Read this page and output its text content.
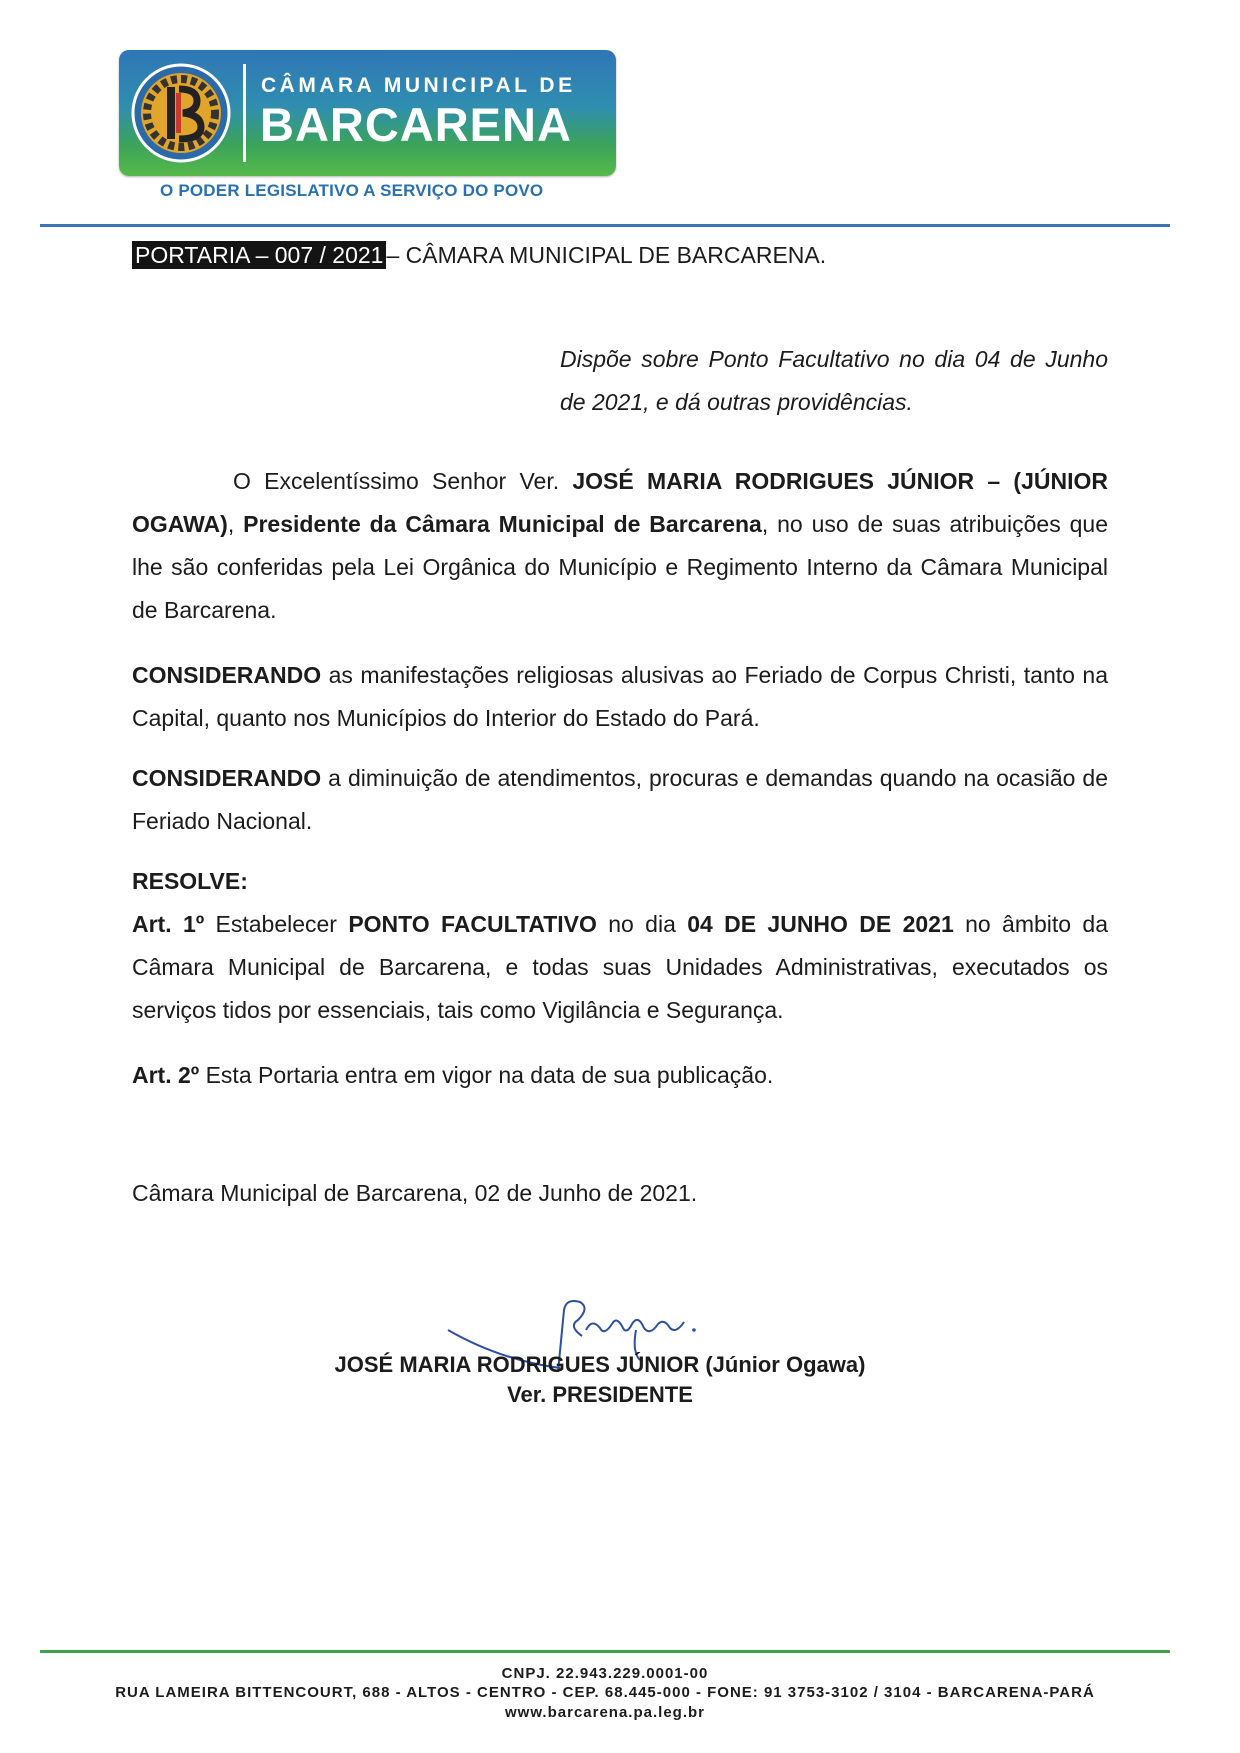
CÂMARA MUNICIPAL DE
BARCARENA
O PODER LEGISLATIVO A SERVIÇO DO POVO
PORTARIA – 007 / 2021 – CÂMARA MUNICIPAL DE BARCARENA.
Dispõe sobre Ponto Facultativo no dia 04 de Junho de 2021, e dá outras providências.

O Excelentíssimo Senhor Ver. JOSÉ MARIA RODRIGUES JÚNIOR – (JÚNIOR OGAWA), Presidente da Câmara Municipal de Barcarena, no uso de suas atribuições que lhe são conferidas pela Lei Orgânica do Município e Regimento Interno da Câmara Municipal de Barcarena.

CONSIDERANDO as manifestações religiosas alusivas ao Feriado de Corpus Christi, tanto na Capital, quanto nos Municípios do Interior do Estado do Pará.

CONSIDERANDO a diminuição de atendimentos, procuras e demandas quando na ocasião de Feriado Nacional.

RESOLVE:

Art. 1º Estabelecer PONTO FACULTATIVO no dia 04 DE JUNHO DE 2021 no âmbito da Câmara Municipal de Barcarena, e todas suas Unidades Administrativas, executados os serviços tidos por essenciais, tais como Vigilância e Segurança.

Art. 2º Esta Portaria entra em vigor na data de sua publicação.

Câmara Municipal de Barcarena, 02 de Junho de 2021.

JOSÉ MARIA RODRIGUES JÚNIOR (Júnior Ogawa)
Ver. PRESIDENTE
CNPJ. 22.943.229.0001-00
RUA LAMEIRA BITTENCOURT, 688 - ALTOS - CENTRO - CEP. 68.445-000 - FONE: 91 3753-3102 / 3104 - BARCARENA-PARÁ
www.barcarena.pa.leg.br
